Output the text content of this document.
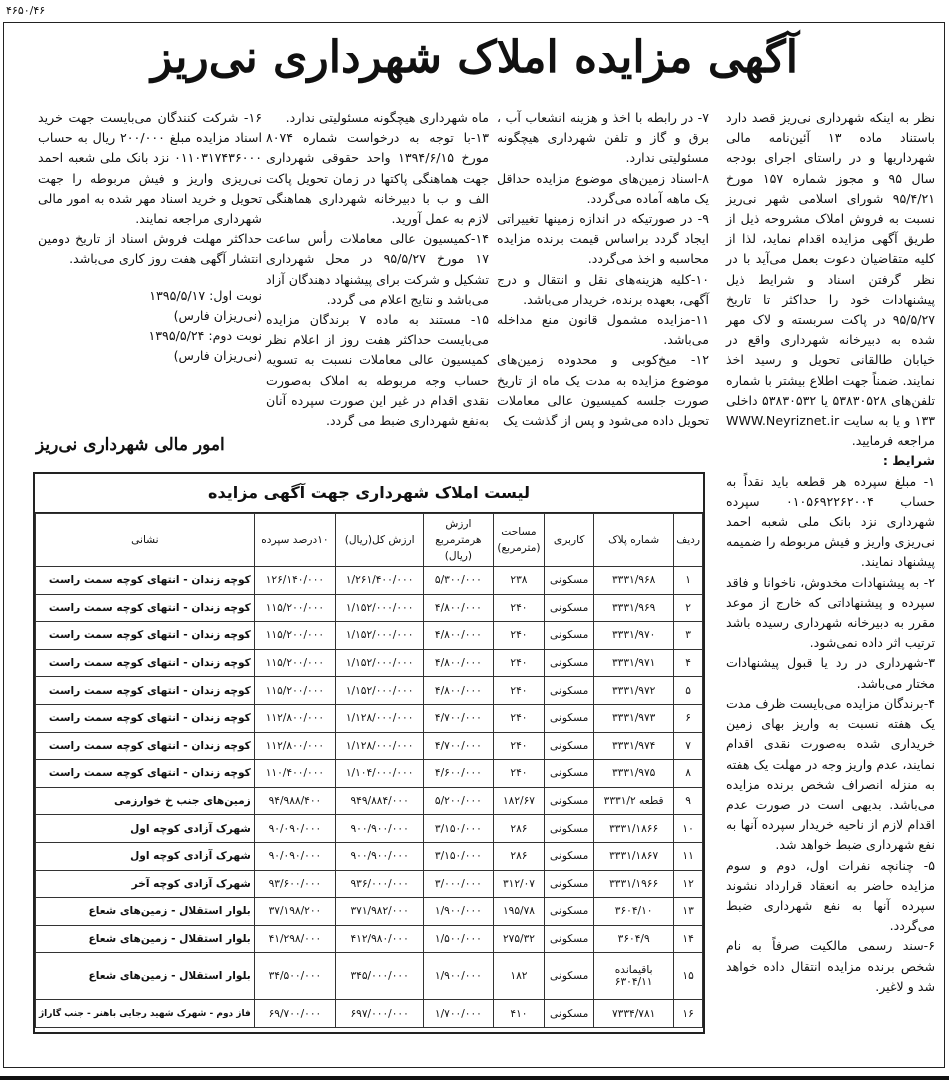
۴۶۵۰/۴۶
آگهی مزایده املاک شهرداری نی‌ریز

نظر به اینکه شهرداری نی‌ریز قصد دارد باستناد ماده ۱۳ آئین‌نامه مالی شهرداریها و در راستای اجرای بودجه سال ۹۵ و مجوز شماره ۱۵۷ مورخ ۹۵/۴/۲۱ شورای اسلامی شهر نی‌ریز نسبت به فروش املاک مشروحه ذیل از طریق آگهی مزایده اقدام نماید، لذا از کلیه متقاضیان دعوت بعمل می‌آید با در نظر گرفتن اسناد و شرایط ذیل پیشنهادات خود را حداکثر تا تاریخ ۹۵/۵/۲۷ در پاکت سربسته و لاک مهر شده به دبیرخانه شهرداری واقع در خیابان طالقانی تحویل و رسید اخذ نمایند. ضمناً جهت اطلاع بیشتر با شماره تلفن‌های ۵۳۸۳۰۵۲۸ یا ۵۳۸۳۰۵۳۲ داخلی ۱۳۳ و یا به سایت WWW.Neyriznet.ir مراجعه فرمایید.

شرایط :

۱- مبلغ سپرده هر قطعه باید نقداً به حساب ۰۱۰۵۶۹۲۲۶۲۰۰۴ سپرده شهرداری نزد بانک ملی شعبه احمد نی‌ریزی واریز و فیش مربوطه را ضمیمه پیشنهاد نمایند.

۲- به پیشنهادات مخدوش، ناخوانا و فاقد سپرده و پیشنهاداتی که خارج از موعد مقرر به دبیرخانه شهرداری رسیده باشد ترتیب اثر داده نمی‌شود.

۳-شهرداری در رد یا قبول پیشنهادات مختار می‌باشد.

۴-برندگان مزایده می‌بایست ظرف مدت یک هفته نسبت به واریز بهای زمین خریداری شده به‌صورت نقدی اقدام نمایند، عدم واریز وجه در مهلت یک هفته به منزله انصراف شخص برنده مزایده می‌باشد. بدیهی است در صورت عدم اقدام لازم از ناحیه خریدار سپرده آنها به نفع شهرداری ضبط خواهد شد.

۵- چنانچه نفرات اول، دوم و سوم مزایده حاضر به انعقاد قرارداد نشوند سپرده آنها به نفع شهرداری ضبط می‌گردد.

۶-سند رسمی مالکیت صرفاً به نام شخص برنده مزایده انتقال داده خواهد شد و لاغیر.

۷- در رابطه با اخذ و هزینه انشعاب آب ، برق و گاز و تلفن شهرداری هیچگونه مسئولیتی ندارد.

۸-اسناد زمین‌های موضوع مزایده حداقل یک ماهه آماده می‌گردد.

۹- در صورتیکه در اندازه زمینها تغییراتی ایجاد گردد براساس قیمت برنده مزایده محاسبه و اخذ می‌گردد.

۱۰-کلیه هزینه‌های نقل و انتقال و درج آگهی، بعهده برنده، خریدار می‌باشد.

۱۱-مزایده مشمول قانون منع مداخله می‌باشد.

۱۲- میخ‌کوبی و محدوده زمین‌های موضوع مزایده به مدت یک ماه از تاریخ صورت جلسه کمیسیون عالی معاملات تحویل داده می‌شود و پس از گذشت یک

ماه شهرداری هیچگونه مسئولیتی ندارد.

۱۳-با توجه به درخواست شماره ۸۰۷۴ مورخ ۱۳۹۴/۶/۱۵ واحد حقوقی شهرداری جهت هماهنگی پاکتها در زمان تحویل پاکت الف و ب با دبیرخانه شهرداری هماهنگی لازم به عمل آورید.

۱۴-کمیسیون عالی معاملات رأس ساعت ۱۷ مورخ ۹۵/۵/۲۷ در محل شهرداری تشکیل و شرکت برای پیشنهاد دهندگان آزاد می‌باشد و نتایج اعلام می گردد.

۱۵- مستند به ماده ۷ برندگان مزایده می‌بایست حداکثر هفت روز از اعلام نظر کمیسیون عالی معاملات نسبت به تسویه حساب وجه مربوطه به املاک به‌صورت نقدی اقدام در غیر این صورت سپرده آنان به‌نفع شهرداری ضبط می گردد.

۱۶- شرکت کنندگان می‌بایست جهت خرید اسناد مزایده مبلغ ۲۰۰/۰۰۰ ریال به حساب ۰۱۱۰۳۱۷۴۳۶۰۰۰ نزد بانک ملی شعبه احمد نی‌ریزی واریز و فیش مربوطه را جهت تحویل و خرید اسناد مهر شده به امور مالی شهرداری مراجعه نمایند.

حداکثر مهلت فروش اسناد از تاریخ دومین انتشار آگهی هفت روز کاری می‌باشد.

نوبت اول: ۱۳۹۵/۵/۱۷

(نی‌ریزان فارس)

نوبت دوم: ۱۳۹۵/۵/۲۴

(نی‌ریزان فارس)

امور مالی شهرداری نی‌ریز
لیست املاک شهرداری جهت آگهی مزایده
ردیف	شماره پلاک	کاربری	مساحت (مترمربع)	ارزش هرمترمربع (ریال)	ارزش کل(ریال)	۱۰درصد سپرده	نشانی
۱	۳۳۳۱/۹۶۸	مسکونی	۲۳۸	۵/۳۰۰/۰۰۰	۱/۲۶۱/۴۰۰/۰۰۰	۱۲۶/۱۴۰/۰۰۰	کوچه زندان - انتهای کوچه سمت راست
۲	۳۳۳۱/۹۶۹	مسکونی	۲۴۰	۴/۸۰۰/۰۰۰	۱/۱۵۲/۰۰۰/۰۰۰	۱۱۵/۲۰۰/۰۰۰	کوچه زندان - انتهای کوچه سمت راست
۳	۳۳۳۱/۹۷۰	مسکونی	۲۴۰	۴/۸۰۰/۰۰۰	۱/۱۵۲/۰۰۰/۰۰۰	۱۱۵/۲۰۰/۰۰۰	کوچه زندان - انتهای کوچه سمت راست
۴	۳۳۳۱/۹۷۱	مسکونی	۲۴۰	۴/۸۰۰/۰۰۰	۱/۱۵۲/۰۰۰/۰۰۰	۱۱۵/۲۰۰/۰۰۰	کوچه زندان - انتهای کوچه سمت راست
۵	۳۳۳۱/۹۷۲	مسکونی	۲۴۰	۴/۸۰۰/۰۰۰	۱/۱۵۲/۰۰۰/۰۰۰	۱۱۵/۲۰۰/۰۰۰	کوچه زندان - انتهای کوچه سمت راست
۶	۳۳۳۱/۹۷۳	مسکونی	۲۴۰	۴/۷۰۰/۰۰۰	۱/۱۲۸/۰۰۰/۰۰۰	۱۱۲/۸۰۰/۰۰۰	کوچه زندان - انتهای کوچه سمت راست
۷	۳۳۳۱/۹۷۴	مسکونی	۲۴۰	۴/۷۰۰/۰۰۰	۱/۱۲۸/۰۰۰/۰۰۰	۱۱۲/۸۰۰/۰۰۰	کوچه زندان - انتهای کوچه سمت راست
۸	۳۳۳۱/۹۷۵	مسکونی	۲۴۰	۴/۶۰۰/۰۰۰	۱/۱۰۴/۰۰۰/۰۰۰	۱۱۰/۴۰۰/۰۰۰	کوچه زندان - انتهای کوچه سمت راست
۹	قطعه ۳۳۳۱/۲	مسکونی	۱۸۲/۶۷	۵/۲۰۰/۰۰۰	۹۴۹/۸۸۴/۰۰۰	۹۴/۹۸۸/۴۰۰	زمین‌های جنب خ خوارزمی
۱۰	۳۳۳۱/۱۸۶۶	مسکونی	۲۸۶	۳/۱۵۰/۰۰۰	۹۰۰/۹۰۰/۰۰۰	۹۰/۰۹۰/۰۰۰	شهرک آزادی کوچه اول
۱۱	۳۳۳۱/۱۸۶۷	مسکونی	۲۸۶	۳/۱۵۰/۰۰۰	۹۰۰/۹۰۰/۰۰۰	۹۰/۰۹۰/۰۰۰	شهرک آزادی کوچه اول
۱۲	۳۳۳۱/۱۹۶۶	مسکونی	۳۱۲/۰۷	۳/۰۰۰/۰۰۰	۹۳۶/۰۰۰/۰۰۰	۹۳/۶۰۰/۰۰۰	شهرک آزادی کوچه آخر
۱۳	۳۶۰۴/۱۰	مسکونی	۱۹۵/۷۸	۱/۹۰۰/۰۰۰	۳۷۱/۹۸۲/۰۰۰	۳۷/۱۹۸/۲۰۰	بلوار استقلال - زمین‌های شعاع
۱۴	۳۶۰۴/۹	مسکونی	۲۷۵/۳۲	۱/۵۰۰/۰۰۰	۴۱۲/۹۸۰/۰۰۰	۴۱/۲۹۸/۰۰۰	بلوار استقلال - زمین‌های شعاع
۱۵	باقیمانده ۶۳۰۴/۱۱	مسکونی	۱۸۲	۱/۹۰۰/۰۰۰	۳۴۵/۰۰۰/۰۰۰	۳۴/۵۰۰/۰۰۰	بلوار استقلال - زمین‌های شعاع
۱۶	۷۳۳۴/۷۸۱	مسکونی	۴۱۰	۱/۷۰۰/۰۰۰	۶۹۷/۰۰۰/۰۰۰	۶۹/۷۰۰/۰۰۰	فاز دوم - شهرک شهید رجایی باهنر - جنب گاراژ
